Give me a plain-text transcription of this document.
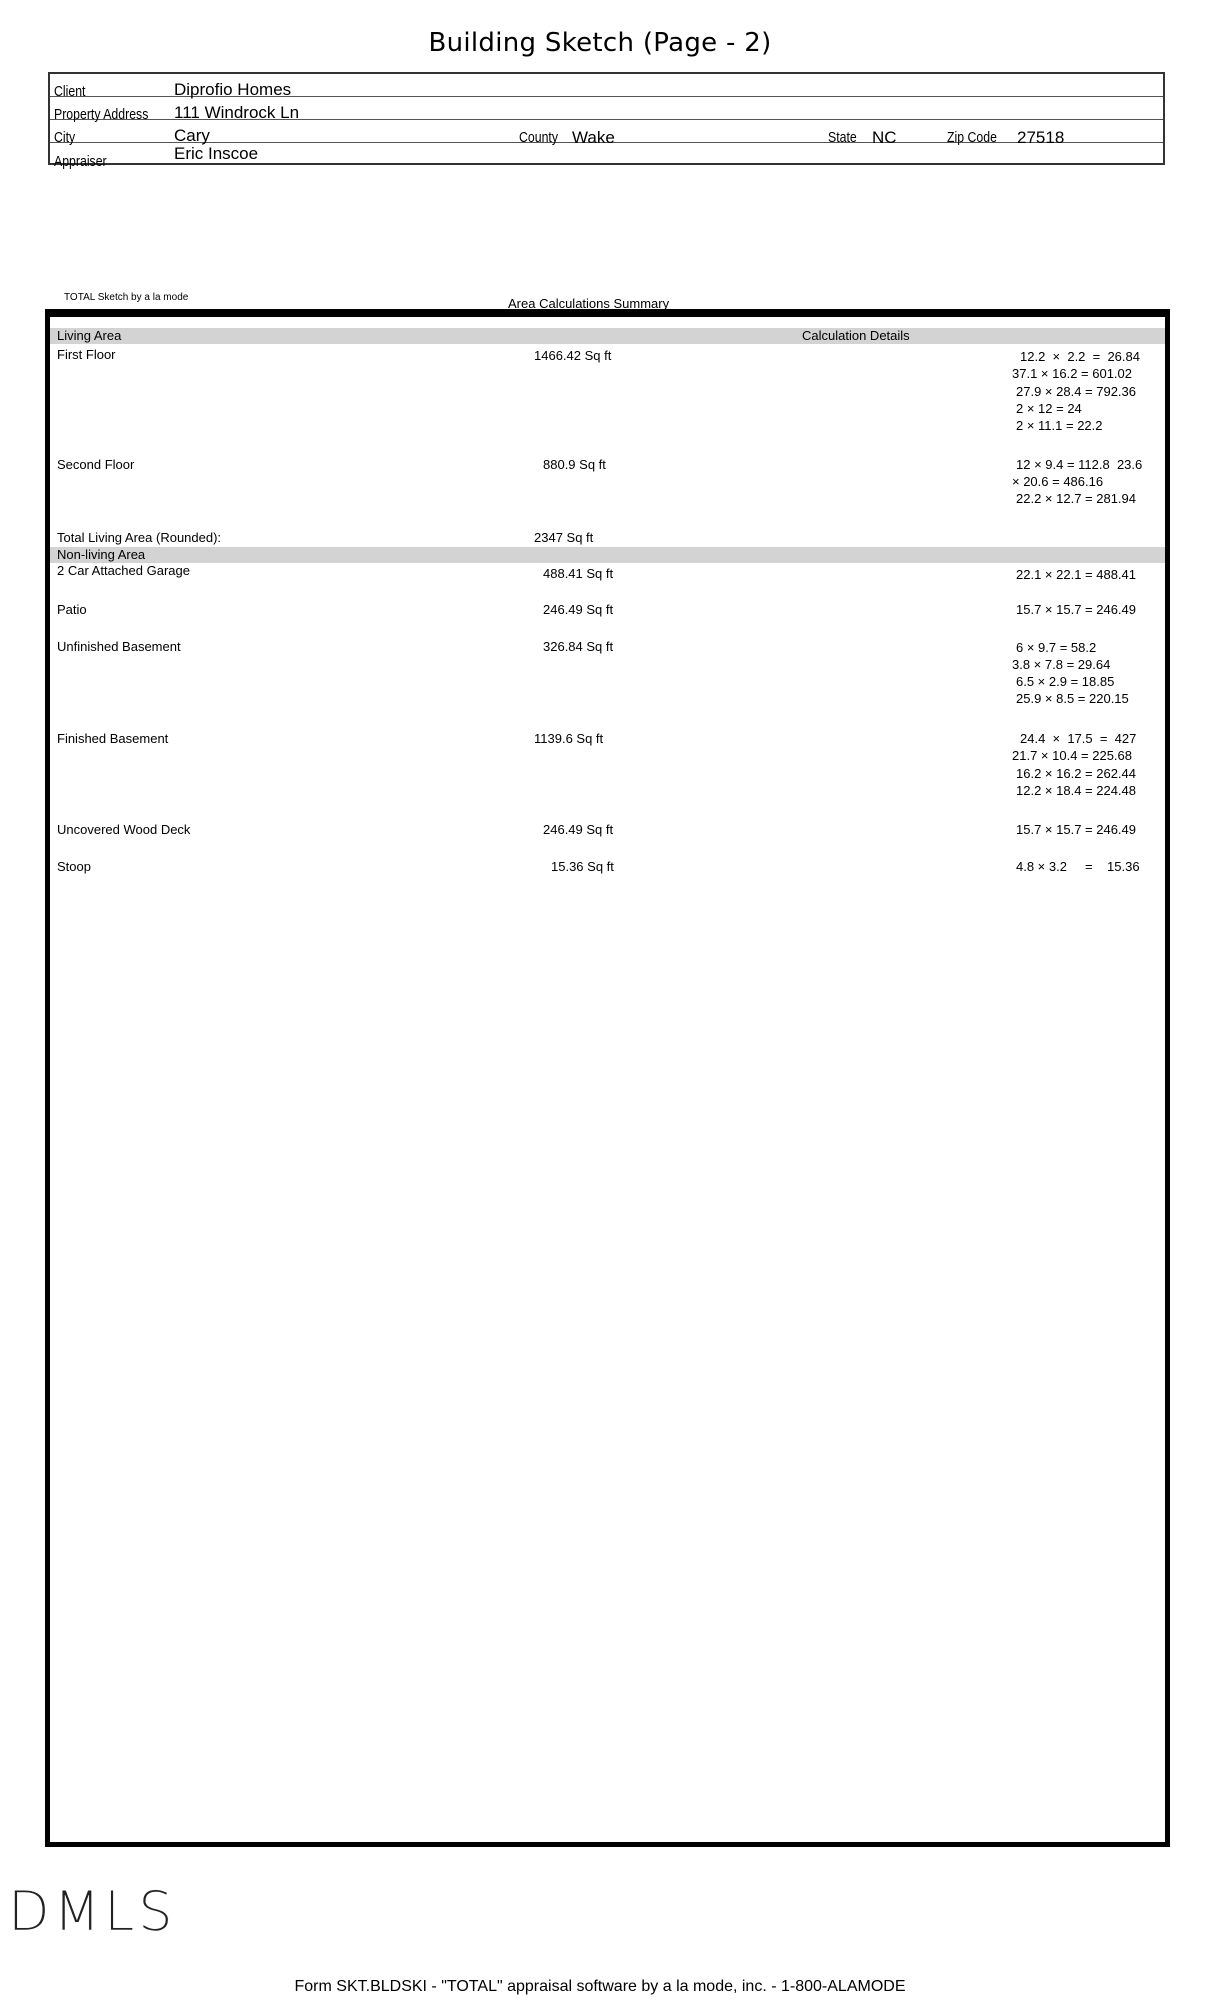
Building Sketch (Page - 2)
Client	Diprofio Homes
Property Address 111 Windrock Ln
City	Cary	County Wake	State NC	Zip Code 27518
Appraiser	Eric Inscoe
TOTAL Sketch by a la mode	Area Calculations Summary
Living Area	Calculation Details
First Floor	1466.42 Sq ft	12.2  ×  2.2  =  26.84
37.1 × 16.2 = 601.02
27.9 × 28.4 = 792.36
2 × 12 = 24
2 × 11.1 = 22.2
Second Floor	880.9 Sq ft	12 × 9.4 = 112.8  23.6
× 20.6 = 486.16
22.2 × 12.7 = 281.94
Total Living Area (Rounded):	2347 Sq ft
Non-living Area
2 Car Attached Garage	488.41 Sq ft	22.1 × 22.1 = 488.41
Patio	246.49 Sq ft	15.7 × 15.7 = 246.49
Unfinished Basement	326.84 Sq ft	6 × 9.7 = 58.2
3.8 × 7.8 = 29.64
6.5 × 2.9 = 18.85
25.9 × 8.5 = 220.15
Finished Basement	1139.6 Sq ft	24.4  ×  17.5  =  427
21.7 × 10.4 = 225.68
16.2 × 16.2 = 262.44
12.2 × 18.4 = 224.48
Uncovered Wood Deck	246.49 Sq ft	15.7 × 15.7 = 246.49
Stoop	15.36 Sq ft	4.8 × 3.2     =    15.36
DMLS
Form SKT.BLDSKI - "TOTAL" appraisal software by a la mode, inc. - 1-800-ALAMODE
